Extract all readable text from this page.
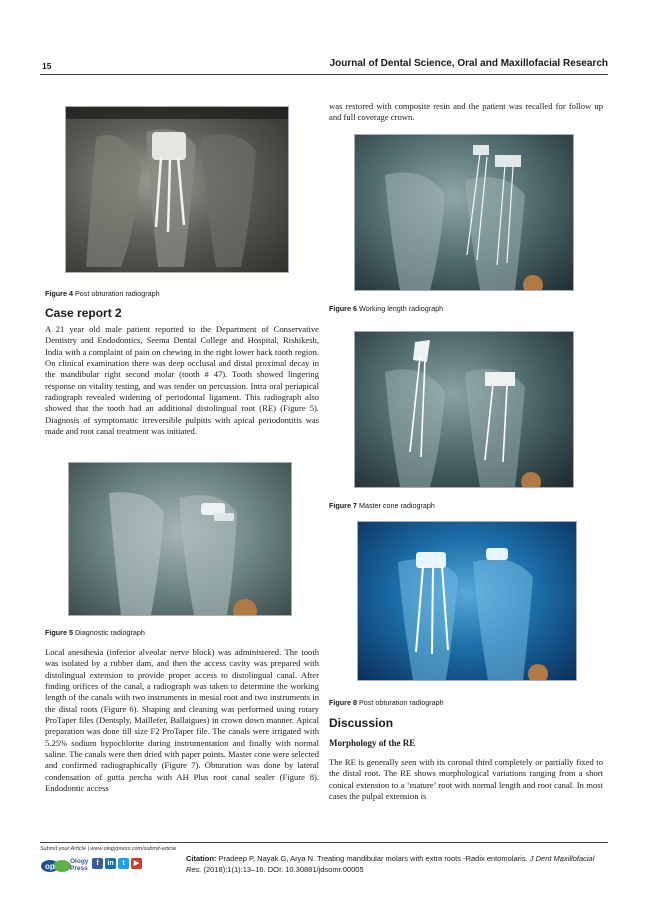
15	Journal of Dental Science, Oral and Maxillofacial Research
Figure 4 Post obturation radiograph
Case report 2

A 21 year old male patient reported to the Department of Conservative Dentistry and Endodontics, Seema Dental College and Hospital, Rishikesh, India with a complaint of pain on chewing in the right lower back tooth region. On clinical examination there was deep occlusal and distal proximal decay in the mandibular right second molar (tooth # 47). Tooth showed lingering response on vitality testing, and was tender on percussion. Intra oral periapical radiograph revealed widening of periodontal ligament. This radiograph also showed that the tooth had an additional distolingual root (RE) (Figure 5). Diagnosis of symptomatic irreversible pulpitis with apical periodontitis was made and root canal treatment was initiated.

Figure 5 Diagnostic radiograph

Local anesthesia (inferior alveolar nerve block) was administered. The tooth was isolated by a rubber dam, and then the access cavity was prepared with distolingual extension to provide proper access to distolingual canal. After finding orifices of the canal, a radiograph was taken to determine the working length of the canals with two instruments in mesial root and two instruments in the distal roots (Figure 6). Shaping and cleaning was performed using rotary ProTaper files (Dentsply, Maillefer, Ballaigues) in crown down manner. Apical preparation was done till size F2 ProTaper file. The canals were irrigated with 5.25% sodium hypochlorite during instrumentation and finally with normal saline. The canals were then dried with paper points. Master cone were selected and confirmed radiographically (Figure 7). Obturation was done by lateral condensation of gutta percha with AH Plus root canal sealer (Figure 8). Endodontic access

was restored with composite resin and the patient was recalled for follow up and full coverage crown.

Figure 6 Working length radiograph
Figure 7 Master cone radiograph
Figure 8 Post obturation radiograph
Discussion
Morphology of the RE

The RE is generally seen with its coronal third completely or partially fixed to the distal root. The RE shows morphological variations ranging from a short conical extension to a ‘mature’ root with normal length and root canal. In most cases the pulpal extension is

Submit your Article | www.ologypress.com/submit-article
op
Ology Press
f	in	t	▶
Citation: Pradeep P, Nayak G, Arya N. Treating mandibular molars with extra roots -Radix entomolaris. J Dent Maxillofacial Res. (2018);1(1):13–16. DOI: 10.30881/jdsomr.00005
